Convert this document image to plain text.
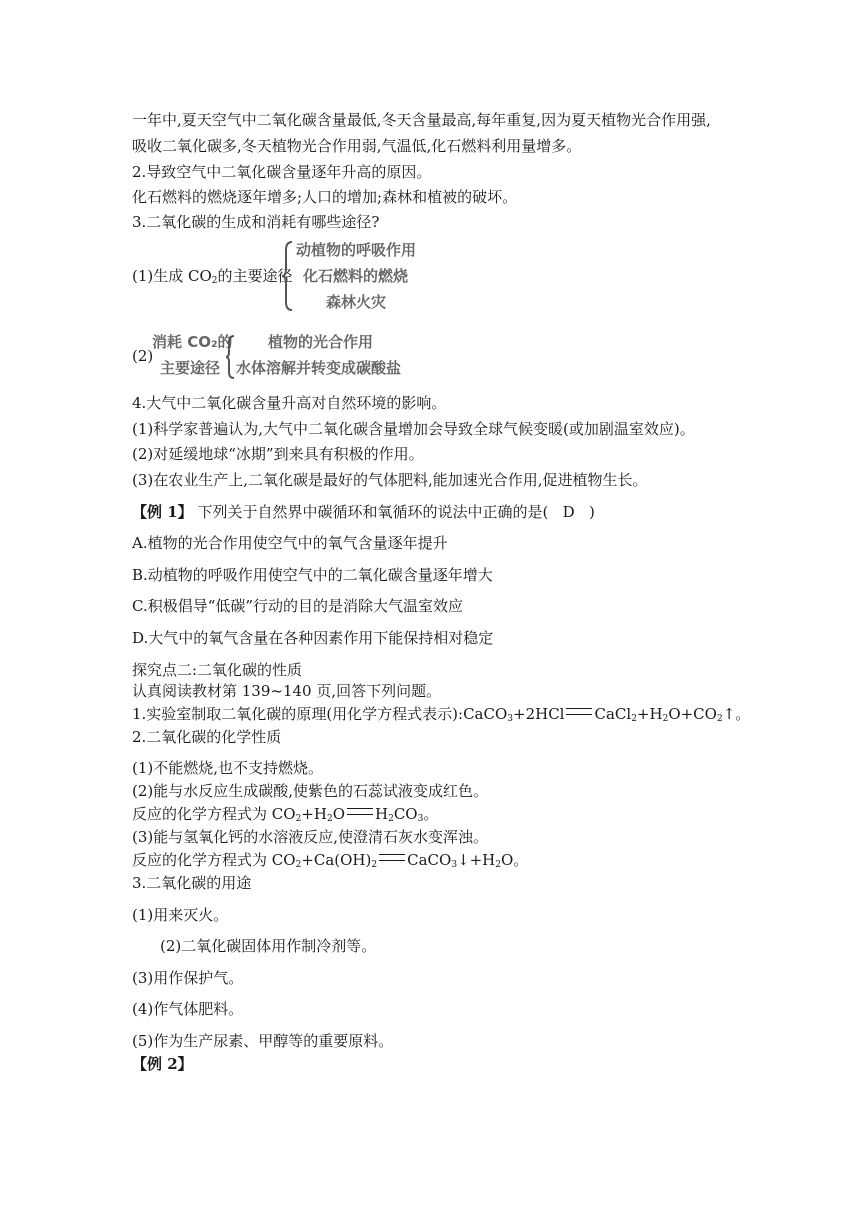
一年中,夏天空气中二氧化碳含量最低,冬天含量最高,每年重复,因为夏天植物光合作用强,
吸收二氧化碳多,冬天植物光合作用弱,气温低,化石燃料利用量增多。
2.导致空气中二氧化碳含量逐年升高的原因。
化石燃料的燃烧逐年增多;人口的增加;森林和植被的破坏。
3.二氧化碳的生成和消耗有哪些途径?
(1)生成 $CO_2$的主要途径
动植物的呼吸作用
化石燃料的燃烧
森林火灾
(2)
消耗 CO₂的
主要途径
植物的光合作用
水体溶解并转变成碳酸盐
4.大气中二氧化碳含量升高对自然环境的影响。
(1)科学家普遍认为,大气中二氧化碳含量增加会导致全球气候变暖(或加剧温室效应)。
(2)对延缓地球“冰期”到来具有积极的作用。
(3)在农业生产上,二氧化碳是最好的气体肥料,能加速光合作用,促进植物生长。
【例 1】 下列关于自然界中碳循环和氧循环的说法中正确的是( D )
A.植物的光合作用使空气中的氧气含量逐年提升
B.动植物的呼吸作用使空气中的二氧化碳含量逐年增大
C.积极倡导“低碳”行动的目的是消除大气温室效应
D.大气中的氧气含量在各种因素作用下能保持相对稳定
探究点二:二氧化碳的性质
认真阅读教材第 139~140 页,回答下列问题。
1.实验室制取二氧化碳的原理(用化学方程式表示):CaCO$_3$+2HCl $CaCl_2+H_2O+CO_2↑$。
2.二氧化碳的化学性质
(1)不能燃烧,也不支持燃烧。
(2)能与水反应生成碳酸,使紫色的石蕊试液变成红色。
反应的化学方程式为 $CO_2+H_2O$ $H_2CO_3$。
(3)能与氢氧化钙的水溶液反应,使澄清石灰水变浑浊。
反应的化学方程式为 $CO_2+Ca(OH)_2$ $CaCO_3↓+H_2O$。
3.二氧化碳的用途
(1)用来灭火。
(2)二氧化碳固体用作制冷剂等。
(3)用作保护气。
(4)作气体肥料。
(5)作为生产尿素、甲醇等的重要原料。
【例 2】
